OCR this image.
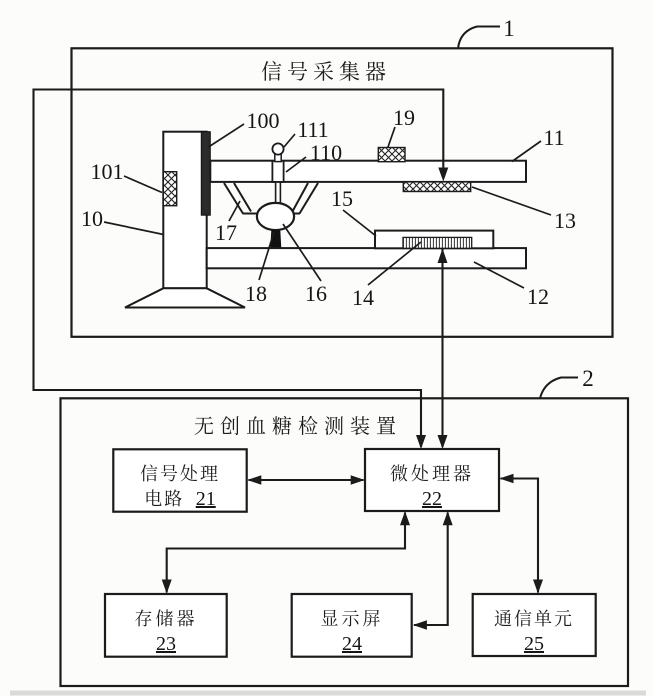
信号采集器
1
100 111
110
19
11
13
101
10
17
18 16 14
15
12
无创血糖检测装置
2
信号处理
电路 21
微处理器
22
存储器
23
显示屏
24
通信单元
25
